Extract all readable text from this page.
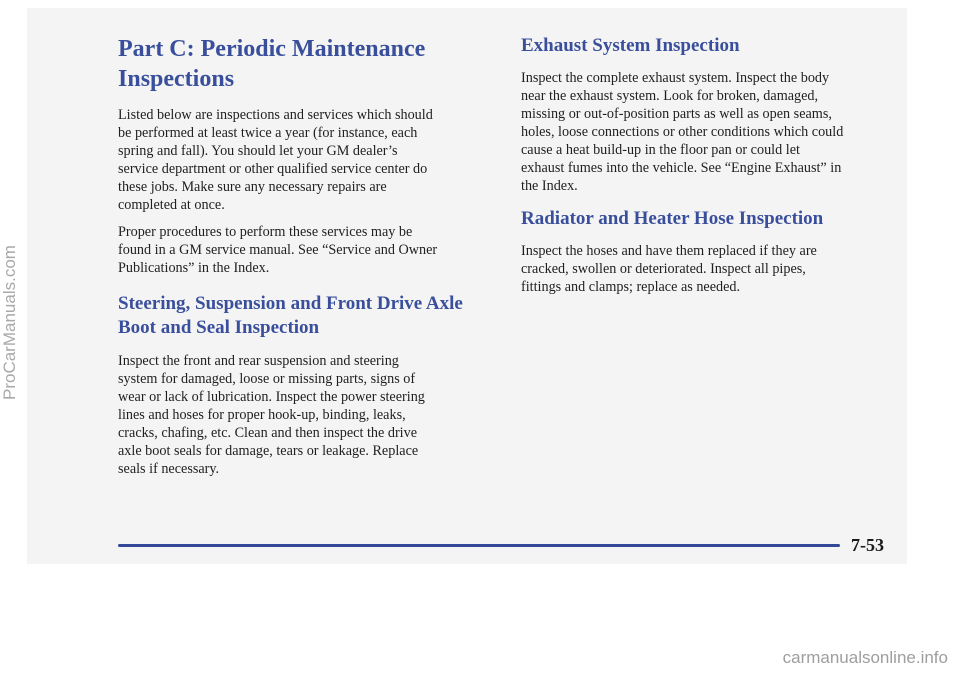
Part C: Periodic Maintenance
Inspections

Listed below are inspections and services which should
be performed at least twice a year (for instance, each
spring and fall). You should let your GM dealer’s
service department or other qualified service center do
these jobs. Make sure any necessary repairs are
completed at once.

Proper procedures to perform these services may be
found in a GM service manual. See “Service and Owner
Publications” in the Index.

Steering, Suspension and Front Drive Axle
Boot and Seal Inspection

Inspect the front and rear suspension and steering
system for damaged, loose or missing parts, signs of
wear or lack of lubrication. Inspect the power steering
lines and hoses for proper hook-up, binding, leaks,
cracks, chafing, etc. Clean and then inspect the drive
axle boot seals for damage, tears or leakage. Replace
seals if necessary.

Exhaust System Inspection

Inspect the complete exhaust system. Inspect the body
near the exhaust system. Look for broken, damaged,
missing or out-of-position parts as well as open seams,
holes, loose connections or other conditions which could
cause a heat build-up in the floor pan or could let
exhaust fumes into the vehicle. See “Engine Exhaust” in
the Index.

Radiator and Heater Hose Inspection

Inspect the hoses and have them replaced if they are
cracked, swollen or deteriorated. Inspect all pipes,
fittings and clamps; replace as needed.

7-53
ProCarManuals.com
carmanualsonline.info
